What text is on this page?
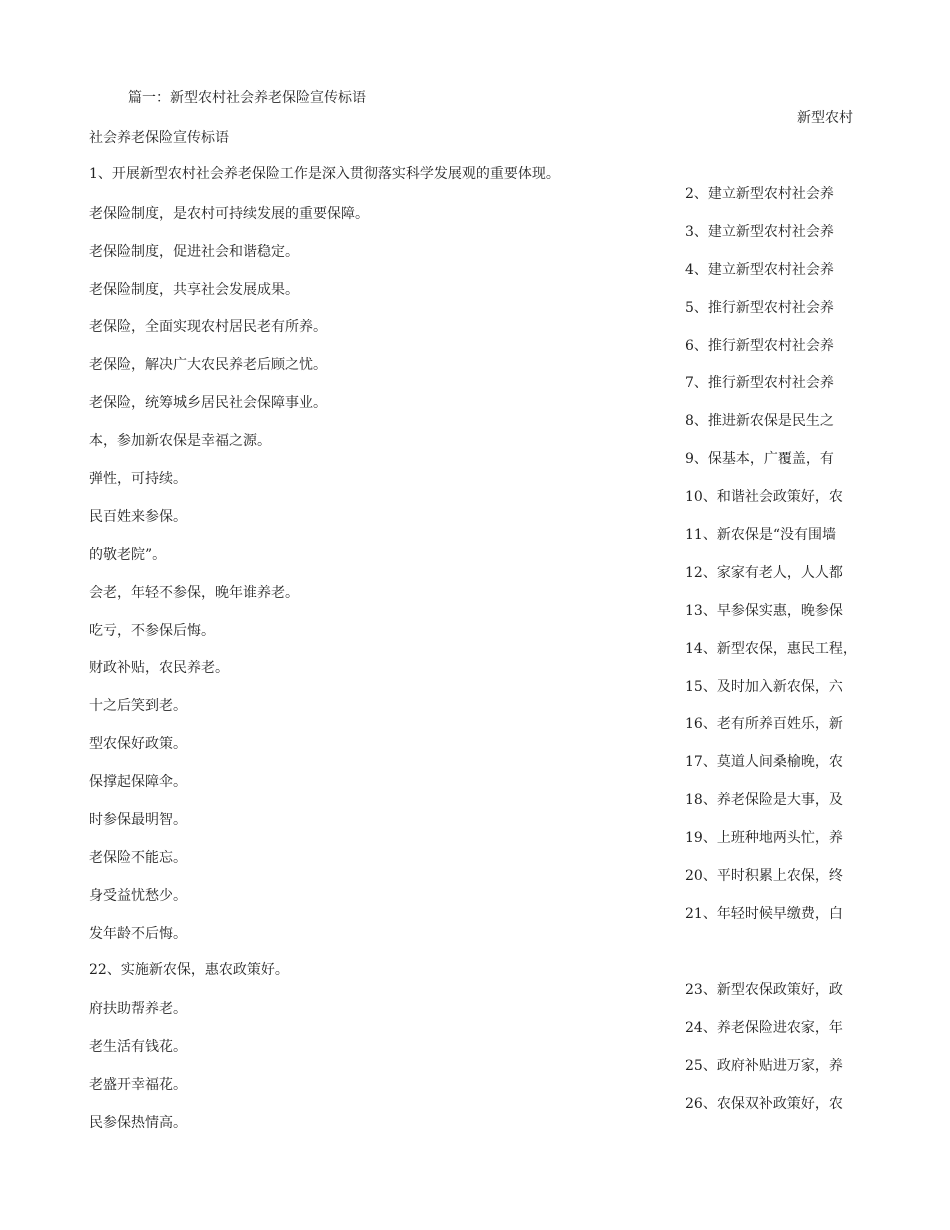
篇一：新型农村社会养老保险宣传标语
新型农村
社会养老保险宣传标语
1、开展新型农村社会养老保险工作是深入贯彻落实科学发展观的重要体现。
老保险制度，是农村可持续发展的重要保障。
老保险制度，促进社会和谐稳定。
老保险制度，共享社会发展成果。
老保险，全面实现农村居民老有所养。
老保险，解决广大农民养老后顾之忧。
老保险，统筹城乡居民社会保障事业。
本，参加新农保是幸福之源。
弹性，可持续。
民百姓来参保。
的敬老院”。
会老，年轻不参保，晚年谁养老。
吃亏，不参保后悔。
财政补贴，农民养老。
十之后笑到老。
型农保好政策。
保撑起保障伞。
时参保最明智。
老保险不能忘。
身受益忧愁少。
发年龄不后悔。
22、实施新农保，惠农政策好。
府扶助帮养老。
老生活有钱花。
老盛开幸福花。
民参保热情高。
2、建立新型农村社会养
3、建立新型农村社会养
4、建立新型农村社会养
5、推行新型农村社会养
6、推行新型农村社会养
7、推行新型农村社会养
8、推进新农保是民生之
9、保基本，广覆盖，有
10、和谐社会政策好，农
11、新农保是“没有围墙
12、家家有老人，人人都
13、早参保实惠，晚参保
14、新型农保，惠民工程，
15、及时加入新农保，六
16、老有所养百姓乐，新
17、莫道人间桑榆晚，农
18、养老保险是大事，及
19、上班种地两头忙，养
20、平时积累上农保，终
21、年轻时候早缴费，白
23、新型农保政策好，政
24、养老保险进农家，年
25、政府补贴进万家，养
26、农保双补政策好，农
